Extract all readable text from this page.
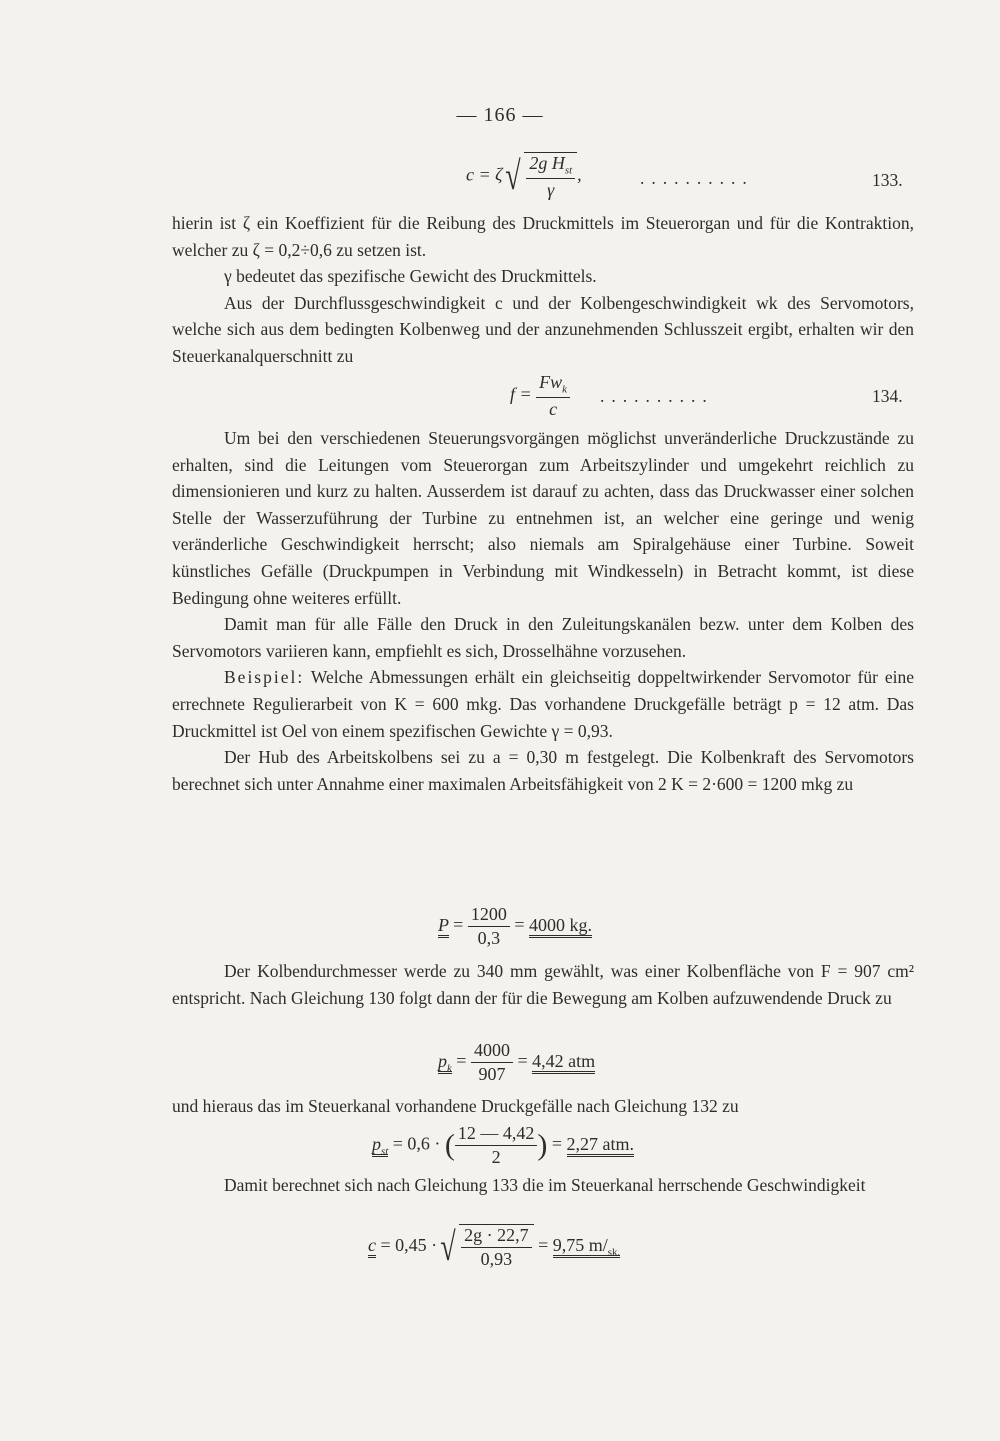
— 166 —
$c = \zeta√ \frac{2g H_{st}}{\gamma}$ ,	..........	133.

hierin ist ζ ein Koeffizient für die Reibung des Druckmittels im Steuerorgan und für die Kontraktion, welcher zu ζ = 0,2÷0,6 zu setzen ist.

γ bedeutet das spezifische Gewicht des Druckmittels.

Aus der Durchflussgeschwindigkeit c und der Kolbengeschwindigkeit wk des Servomotors, welche sich aus dem bedingten Kolbenweg und der anzunehmenden Schlusszeit ergibt, erhalten wir den Steuerkanalquerschnitt zu

$f = \frac{Fw_k}{c}$ ..........	134.

Um bei den verschiedenen Steuerungsvorgängen möglichst unveränderliche Druckzustände zu erhalten, sind die Leitungen vom Steuerorgan zum Arbeitszylinder und umgekehrt reichlich zu dimensionieren und kurz zu halten. Ausserdem ist darauf zu achten, dass das Druckwasser einer solchen Stelle der Wasserzuführung der Turbine zu entnehmen ist, an welcher eine geringe und wenig veränderliche Geschwindigkeit herrscht; also niemals am Spiralgehäuse einer Turbine. Soweit künstliches Gefälle (Druckpumpen in Verbindung mit Windkesseln) in Betracht kommt, ist diese Bedingung ohne weiteres erfüllt.

Damit man für alle Fälle den Druck in den Zuleitungskanälen bezw. unter dem Kolben des Servomotors variieren kann, empfiehlt es sich, Drosselhähne vorzusehen.

Beispiel: Welche Abmessungen erhält ein gleichseitig doppeltwirkender Servomotor für eine errechnete Regulierarbeit von K = 600 mkg. Das vorhandene Druckgefälle beträgt p = 12 atm. Das Druckmittel ist Oel von einem spezifischen Gewichte γ = 0,93.

Der Hub des Arbeitskolbens sei zu a = 0,30 m festgelegt. Die Kolbenkraft des Servomotors berechnet sich unter Annahme einer maximalen Arbeitsfähigkeit von 2 K = 2·600 = 1200 mkg zu

$P = \frac{1200}{0,3} = 4000$ kg.

Der Kolbendurchmesser werde zu 340 mm gewählt, was einer Kolbenfläche von F = 907 cm² entspricht. Nach Gleichung 130 folgt dann der für die Bewegung am Kolben aufzuwendende Druck zu

$p_k = \frac{4000}{907} = 4,42$ atm

und hieraus das im Steuerkanal vorhandene Druckgefälle nach Gleichung 132 zu

$p_{st} = 0,6$ · ( $\frac{12 — 4,42}{2}$ ) = 2,27 atm.

Damit berechnet sich nach Gleichung 133 die im Steuerkanal herrschende Geschwindigkeit

c = 0,45 ·√ $\frac{2g \cdot 22,7}{0,93} = 9,75$ $m/_{sk.}$
